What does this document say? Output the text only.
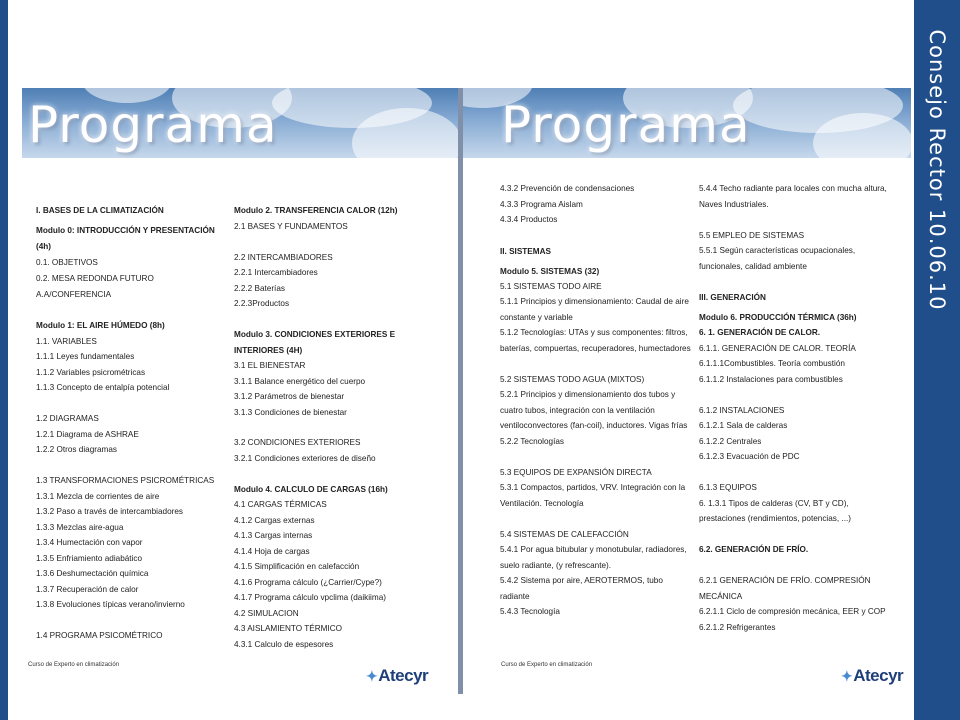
Consejo Rector 10.06.10
Programa
I. BASES DE LA CLIMATIZACIÓN
Modulo 0: INTRODUCCIÓN Y PRESENTACIÓN
(4h)
0.1. OBJETIVOS
0.2. MESA REDONDA FUTURO
A.A/CONFERENCIA
Modulo 1: EL AIRE HÚMEDO (8h)
1.1. VARIABLES
1.1.1 Leyes fundamentales
1.1.2 Variables psicrométricas
1.1.3 Concepto de entalpía potencial
1.2 DIAGRAMAS
1.2.1 Diagrama de ASHRAE
1.2.2 Otros diagramas
1.3 TRANSFORMACIONES PSICROMÉTRICAS
1.3.1 Mezcla de corrientes de aire
1.3.2 Paso a través de intercambiadores
1.3.3 Mezclas aire-agua
1.3.4 Humectación con vapor
1.3.5 Enfriamiento adiabático
1.3.6 Deshumectación química
1.3.7 Recuperación de calor
1.3.8 Evoluciones típicas verano/invierno
1.4 PROGRAMA PSICOMÉTRICO
Modulo 2. TRANSFERENCIA CALOR (12h)
2.1 BASES Y FUNDAMENTOS
2.2 INTERCAMBIADORES
2.2.1 Intercambiadores
2.2.2 Baterías
2.2.3Productos
Modulo 3. CONDICIONES EXTERIORES E
INTERIORES (4H)
3.1 EL BIENESTAR
3.1.1 Balance energético del cuerpo
3.1.2 Parámetros de bienestar
3.1.3 Condiciones de bienestar
3.2 CONDICIONES EXTERIORES
3.2.1 Condiciones exteriores de diseño
Modulo 4. CALCULO DE CARGAS (16h)
4.1 CARGAS TÉRMICAS
4.1.2 Cargas externas
4.1.3 Cargas internas
4.1.4 Hoja de cargas
4.1.5 Simplificación en calefacción
4.1.6 Programa cálculo (¿Carrier/Cype?)
4.1.7 Programa cálculo vpclima (daikiima)
4.2 SIMULACION
4.3 AISLAMIENTO TÉRMICO
4.3.1 Calculo de espesores
Curso de Experto en climatización
✦Atecyr
Programa
4.3.2 Prevención de condensaciones
4.3.3 Programa Aislam
4.3.4 Productos
II. SISTEMAS
Modulo 5. SISTEMAS (32)
5.1 SISTEMAS TODO AIRE
5.1.1 Principios y dimensionamiento: Caudal de aire
constante y variable
5.1.2 Tecnologías: UTAs y sus componentes: filtros,
baterías, compuertas, recuperadores, humectadores
5.2 SISTEMAS TODO AGUA (MIXTOS)
5.2.1 Principios y dimensionamiento dos tubos y
cuatro tubos, integración con la ventilación
ventiloconvectores (fan-coil), inductores. Vigas frías
5.2.2 Tecnologías
5.3 EQUIPOS DE EXPANSIÓN DIRECTA
5.3.1 Compactos, partidos, VRV. Integración con la
Ventilación. Tecnología
5.4 SISTEMAS DE CALEFACCIÓN
5.4.1 Por agua bitubular y monotubular, radiadores,
suelo radiante, (y refrescante).
5.4.2 Sistema por aire, AEROTERMOS, tubo
radiante
5.4.3 Tecnología
5.4.4 Techo radiante para locales con mucha altura,
Naves Industriales.
5.5 EMPLEO DE SISTEMAS
5.5.1 Según características ocupacionales,
funcionales, calidad ambiente
III. GENERACIÓN
Modulo 6. PRODUCCIÓN TÉRMICA (36h)
6. 1. GENERACIÓN DE CALOR.
6.1.1. GENERACIÓN DE CALOR. TEORÍA
6.1.1.1Combustibles. Teoría combustión
6.1.1.2 Instalaciones para combustibles
6.1.2 INSTALACIONES
6.1.2.1 Sala de calderas
6.1.2.2 Centrales
6.1.2.3 Evacuación de PDC
6.1.3 EQUIPOS
6. 1.3.1 Tipos de calderas (CV, BT y CD),
prestaciones (rendimientos, potencias, ...)
6.2. GENERACIÓN DE FRÍO.
6.2.1 GENERACIÓN DE FRÍO. COMPRESIÓN
MECÁNICA
6.2.1.1 Ciclo de compresión mecánica, EER y COP
6.2.1.2 Refrigerantes
Curso de Experto en climatización
✦Atecyr
